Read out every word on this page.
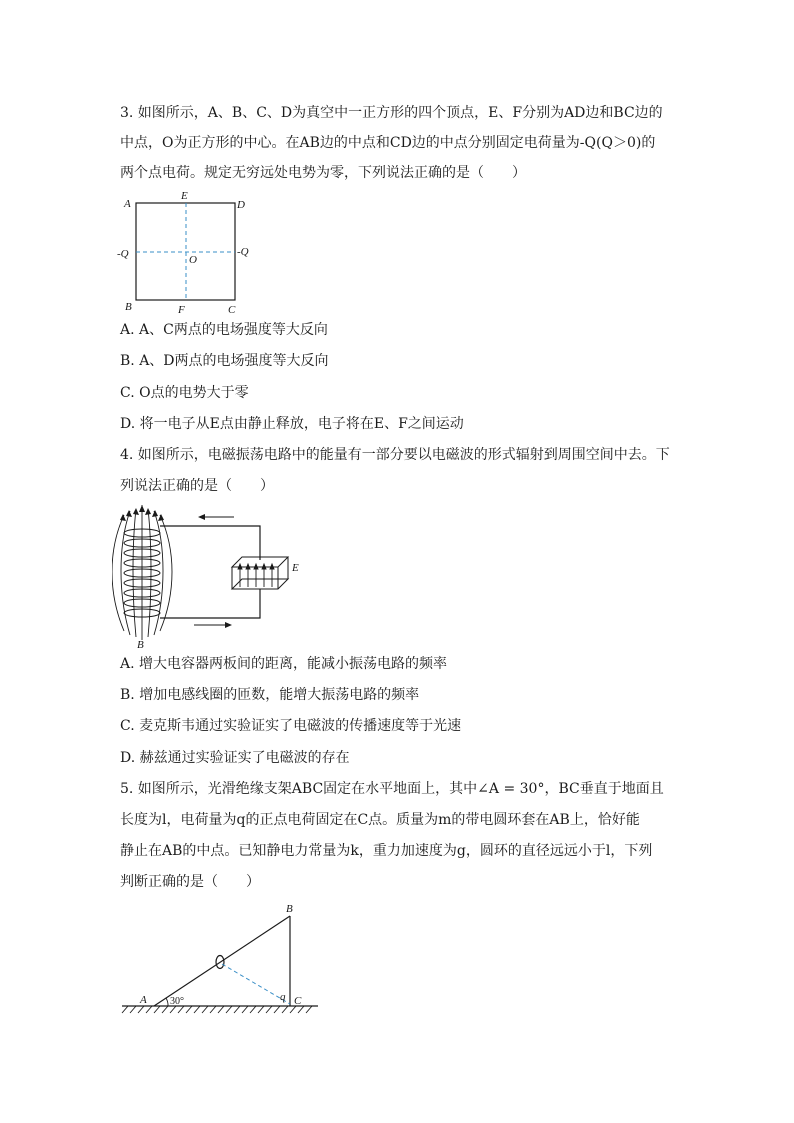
3. 如图所示，A、B、C、D为真空中一正方形的四个顶点，E、F分别为AD边和BC边的
中点，O为正方形的中心。在AB边的中点和CD边的中点分别固定电荷量为-Q(Q＞0)的
两个点电荷。规定无穷远处电势为零，下列说法正确的是（　　）
A
E
D
-Q	-Q
O
B	F	C
A. A、C两点的电场强度等大反向
B. A、D两点的电场强度等大反向
C. O点的电势大于零
D. 将一电子从E点由静止释放，电子将在E、F之间运动
4. 如图所示，电磁振荡电路中的能量有一部分要以电磁波的形式辐射到周围空间中去。下
列说法正确的是（　　）
E
B
A. 增大电容器两板间的距离，能减小振荡电路的频率
B. 增加电感线圈的匝数，能增大振荡电路的频率
C. 麦克斯韦通过实验证实了电磁波的传播速度等于光速
D. 赫兹通过实验证实了电磁波的存在
5. 如图所示，光滑绝缘支架ABC固定在水平地面上，其中∠A = 30°，BC垂直于地面且
长度为l，电荷量为q的正点电荷固定在C点。质量为m的带电圆环套在AB上，恰好能
静止在AB的中点。已知静电力常量为k，重力加速度为g，圆环的直径远远小于l，下列
判断正确的是（　　）
A 30°
B
q C
